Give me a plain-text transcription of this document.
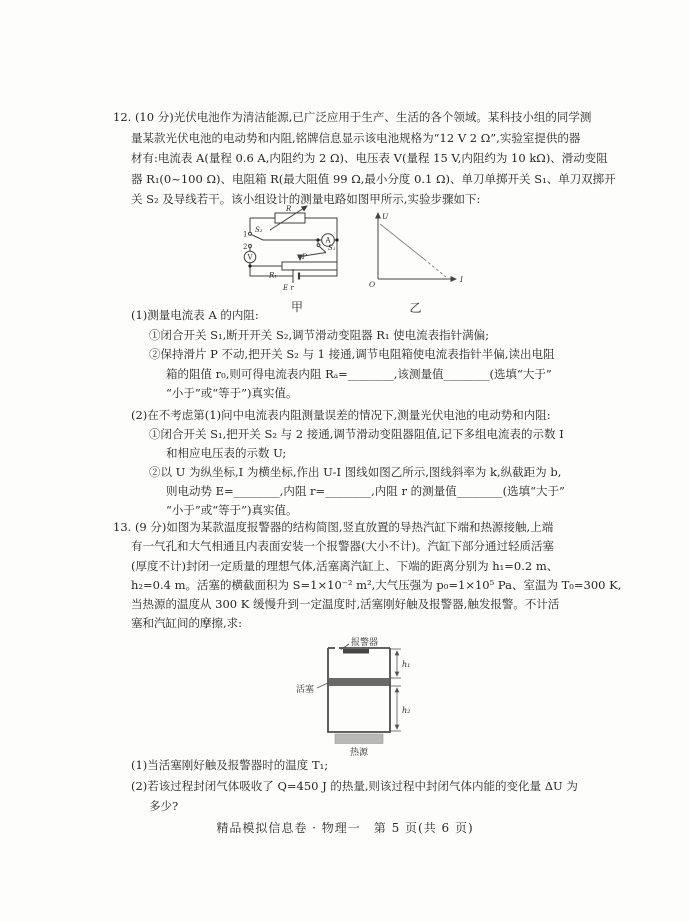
12. (10 分)光伏电池作为清洁能源,已广泛应用于生产、生活的各个领域。某科技小组的同学测
量某款光伏电池的电动势和内阻,铭牌信息显示该电池规格为“12 V 2 Ω”,实验室提供的器
材有:电流表 A(量程 0.6 A,内阻约为 2 Ω)、电压表 V(量程 15 V,内阻约为 10 kΩ)、滑动变阻
器 R₁(0~100 Ω)、电阻箱 R(最大阻值 99 Ω,最小分度 0.1 Ω)、单刀单掷开关 S₁、单刀双掷开
关 S₂ 及导线若干。该小组设计的测量电路如图甲所示,实验步骤如下:
R
S₂
1
2
A
V
S₁
P
R₁
E r
甲
U
I
O
乙
(1)测量电流表 A 的内阻:
①闭合开关 S₁,断开开关 S₂,调节滑动变阻器 R₁ 使电流表指针满偏;
②保持滑片 P 不动,把开关 S₂ 与 1 接通,调节电阻箱使电流表指针半偏,读出电阻
箱的阻值 r₀,则可得电流表内阻 Rₐ=________,该测量值________(选填“大于”
“小于”或“等于”)真实值。
(2)在不考虑第(1)问中电流表内阻测量误差的情况下,测量光伏电池的电动势和内阻:
①闭合开关 S₁,把开关 S₂ 与 2 接通,调节滑动变阻器阻值,记下多组电流表的示数 I
和相应电压表的示数 U;
②以 U 为纵坐标,I 为横坐标,作出 U-I 图线如图乙所示,图线斜率为 k,纵截距为 b,
则电动势 E=________,内阻 r=________,内阻 r 的测量值________(选填“大于”
“小于”或“等于”)真实值。
13. (9 分)如图为某款温度报警器的结构简图,竖直放置的导热汽缸下端和热源接触,上端
有一气孔和大气相通且内表面安装一个报警器(大小不计)。汽缸下部分通过轻质活塞
(厚度不计)封闭一定质量的理想气体,活塞离汽缸上、下端的距离分别为 h₁=0.2 m、
h₂=0.4 m。活塞的横截面积为 S=1×10⁻² m²,大气压强为 p₀=1×10⁵ Pa、室温为 T₀=300 K,
当热源的温度从 300 K 缓慢升到一定温度时,活塞刚好触及报警器,触发报警。不计活
塞和汽缸间的摩擦,求:
报警器
活塞
h₁
h₂
热源
(1)当活塞刚好触及报警器时的温度 T₁;
(2)若该过程封闭气体吸收了 Q=450 J 的热量,则该过程中封闭气体内能的变化量 ΔU 为
多少?
精品模拟信息卷 · 物理一　第 5 页(共 6 页)
